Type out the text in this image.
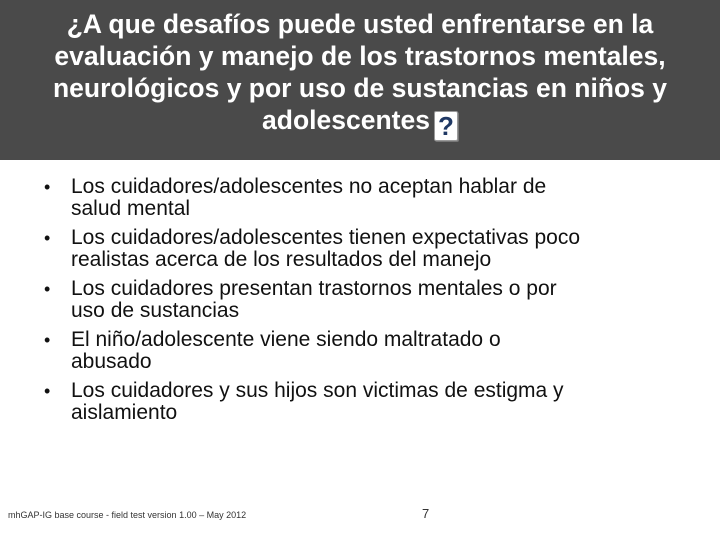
¿A que desafíos puede usted enfrentarse en la
evaluación y manejo de los trastornos mentales,
neurológicos y por uso de sustancias en niños y
adolescentes ?
• Los cuidadores/adolescentes no aceptan hablar de
salud mental
• Los cuidadores/adolescentes tienen expectativas poco
realistas acerca de los resultados del manejo
• Los cuidadores presentan trastornos mentales o por
uso de sustancias
• El niño/adolescente viene siendo maltratado o
abusado
• Los cuidadores y sus hijos son victimas de estigma y
aislamiento
mhGAP-IG base course - field test version 1.00 – May 2012	7
